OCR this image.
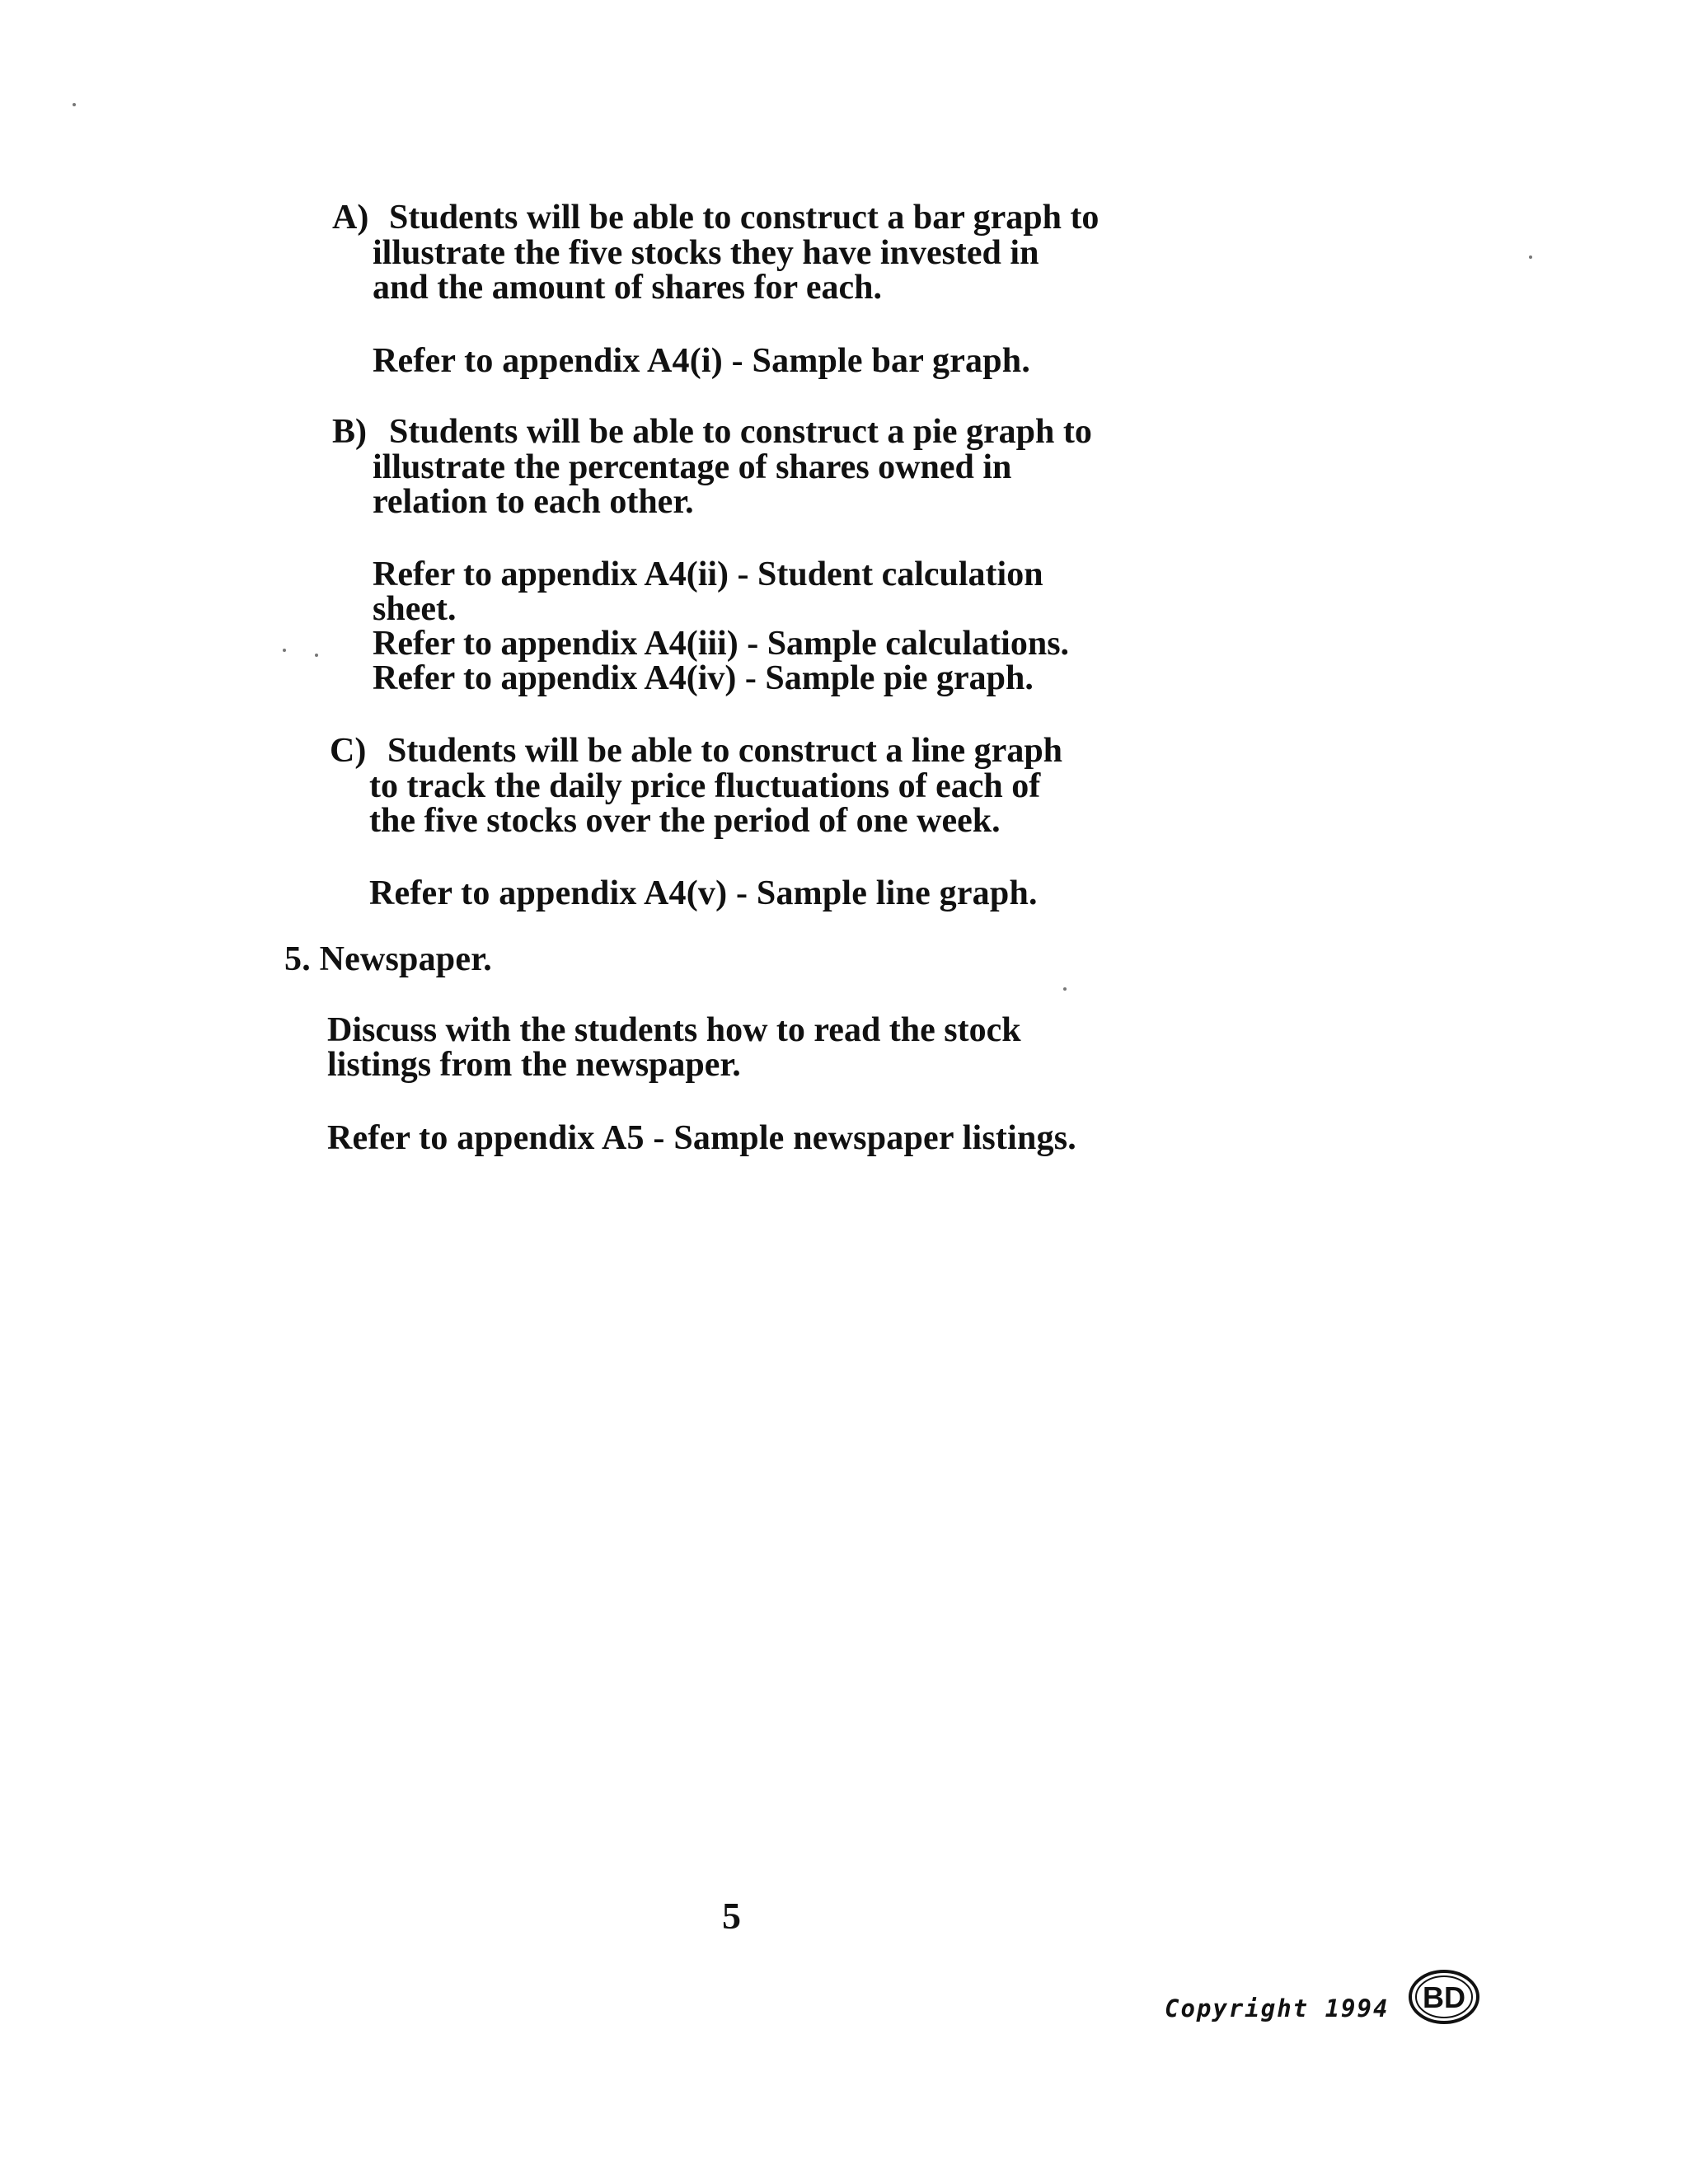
A) Students will be able to construct a bar graph to
illustrate the five stocks they have invested in
and the amount of shares for each.
Refer to appendix A4(i) - Sample bar graph.
B) Students will be able to construct a pie graph to
illustrate the percentage of shares owned in
relation to each other.
Refer to appendix A4(ii) - Student calculation
sheet.
Refer to appendix A4(iii) - Sample calculations.
Refer to appendix A4(iv) - Sample pie graph.
C) Students will be able to construct a line graph
to track the daily price fluctuations of each of
the five stocks over the period of one week.
Refer to appendix A4(v) - Sample line graph.
5. Newspaper.
Discuss with the students how to read the stock
listings from the newspaper.
Refer to appendix A5 - Sample newspaper listings.
5
Copyright 1994 BD
